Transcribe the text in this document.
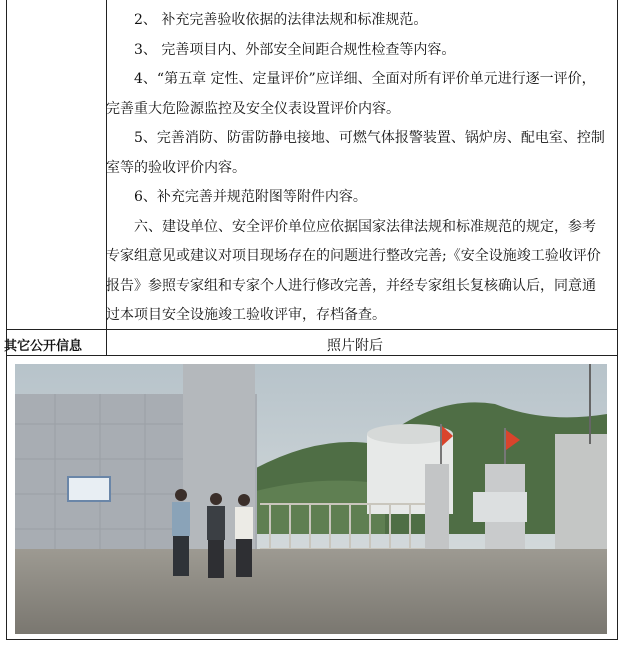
2、 补充完善验收依据的法律法规和标准规范。

3、 完善项目内、外部安全间距合规性检查等内容。

4、“第五章 定性、定量评价”应详细、全面对所有评价单元进行逐一评价，完善重大危险源监控及安全仪表设置评价内容。

5、完善消防、防雷防静电接地、可燃气体报警装置、锅炉房、配电室、控制室等的验收评价内容。

6、补充完善并规范附图等附件内容。

六、建设单位、安全评价单位应依据国家法律法规和标准规范的规定，参考专家组意见或建议对项目现场存在的问题进行整改完善;《安全设施竣工验收评价报告》参照专家组和专家个人进行修改完善，并经专家组长复核确认后，同意通过本项目安全设施竣工验收评审，存档备查。

其它公开信息	照片附后
